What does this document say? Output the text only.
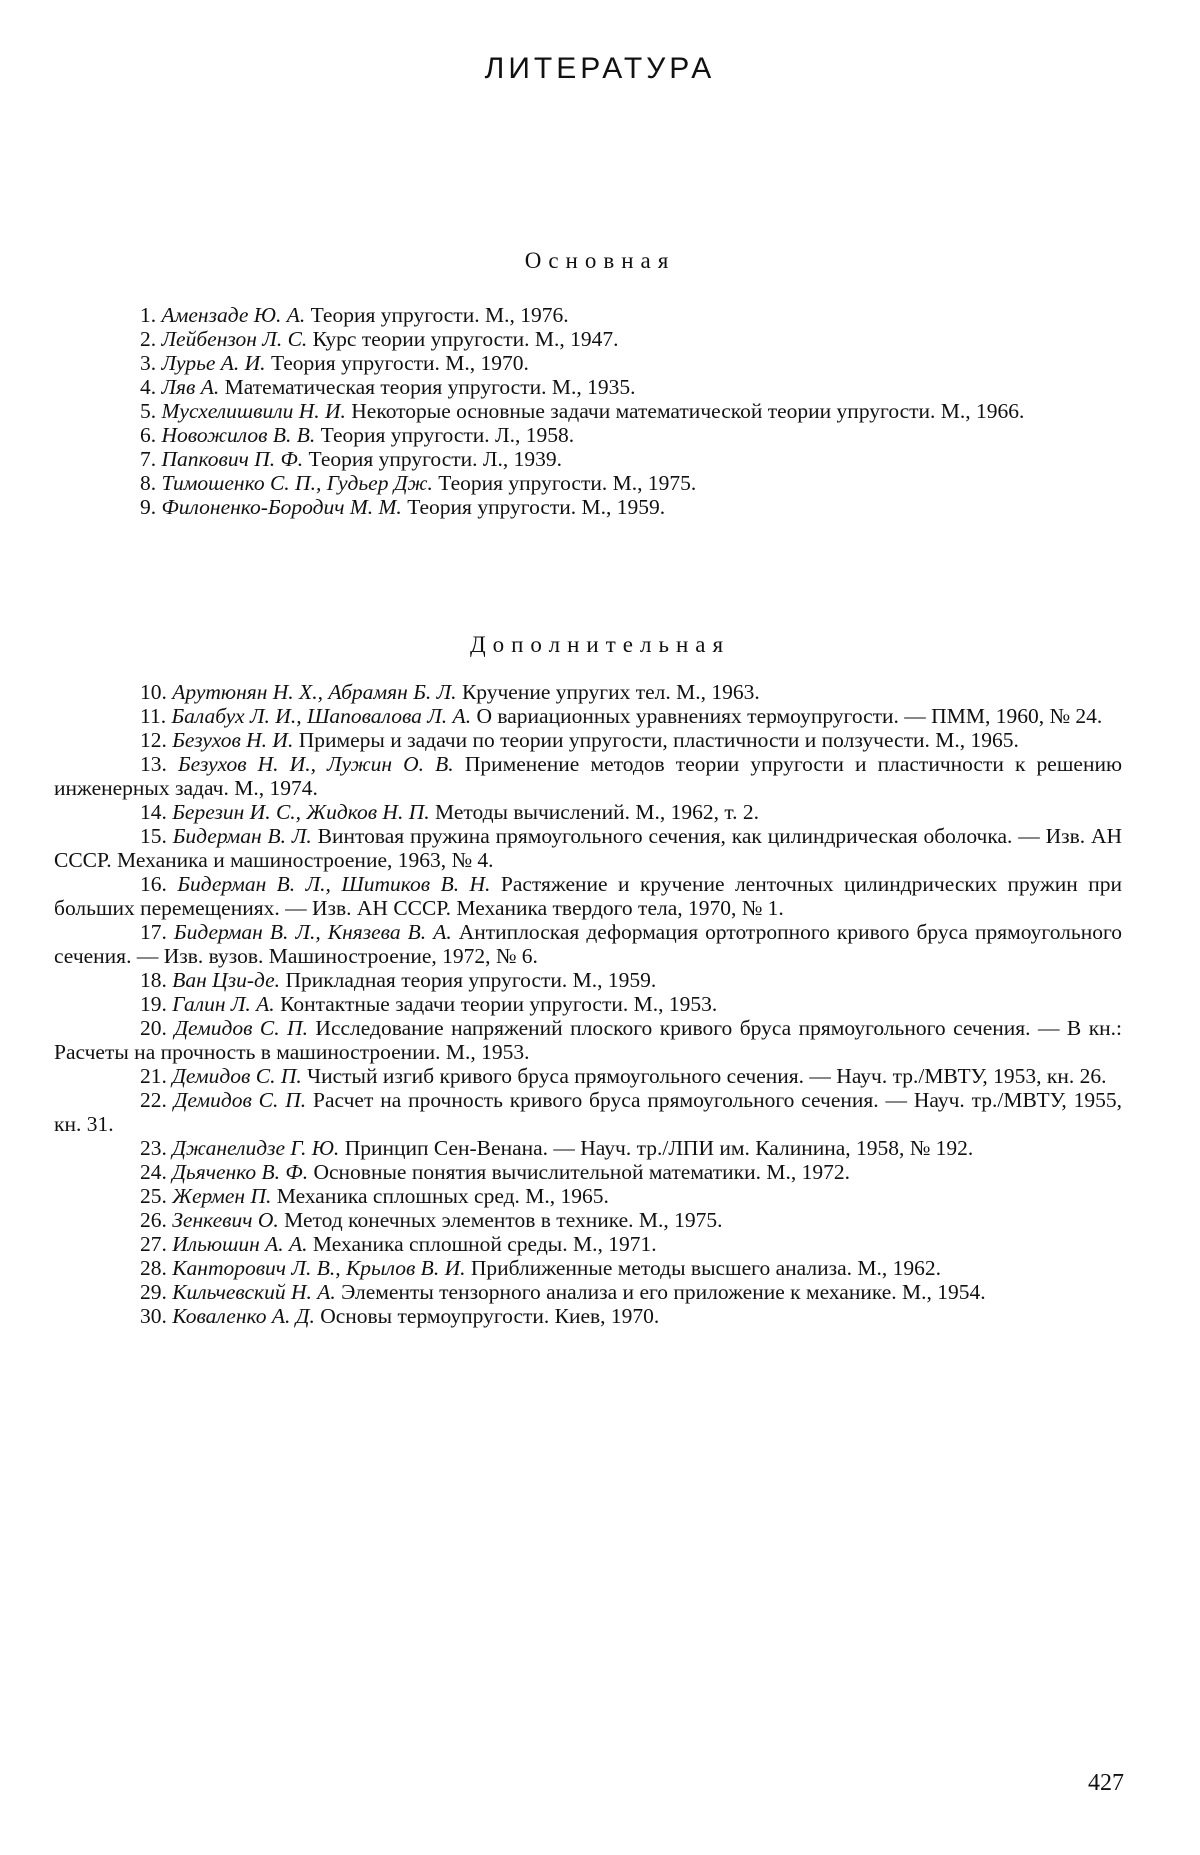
ЛИТЕРАТУРА
Основная
1. Амензаде Ю. А. Теория упругости. М., 1976.
2. Лейбензон Л. С. Курс теории упругости. М., 1947.
3. Лурье А. И. Теория упругости. М., 1970.
4. Ляв А. Математическая теория упругости. М., 1935.
5. Мусхелишвили Н. И. Некоторые основные задачи математической теории упругости. М., 1966.
6. Новожилов В. В. Теория упругости. Л., 1958.
7. Папкович П. Ф. Теория упругости. Л., 1939.
8. Тимошенко С. П., Гудьер Дж. Теория упругости. М., 1975.
9. Филоненко-Бородич М. М. Теория упругости. М., 1959.
Дополнительная
10. Арутюнян Н. Х., Абрамян Б. Л. Кручение упругих тел. М., 1963.
11. Балабух Л. И., Шаповалова Л. А. О вариационных уравнениях термоупругости. — ПММ, 1960, № 24.
12. Безухов Н. И. Примеры и задачи по теории упругости, пластичности и ползучести. М., 1965.
13. Безухов Н. И., Лужин О. В. Применение методов теории упругости и пластичности к решению инженерных задач. М., 1974.
14. Березин И. С., Жидков Н. П. Методы вычислений. М., 1962, т. 2.
15. Бидерман В. Л. Винтовая пружина прямоугольного сечения, как цилиндрическая оболочка. — Изв. АН СССР. Механика и машиностроение, 1963, № 4.
16. Бидерман В. Л., Шитиков В. Н. Растяжение и кручение ленточных цилиндрических пружин при больших перемещениях. — Изв. АН СССР. Механика твердого тела, 1970, № 1.
17. Бидерман В. Л., Князева В. А. Антиплоская деформация ортотропного кривого бруса прямоугольного сечения. — Изв. вузов. Машиностроение, 1972, № 6.
18. Ван Цзи-де. Прикладная теория упругости. М., 1959.
19. Галин Л. А. Контактные задачи теории упругости. М., 1953.
20. Демидов С. П. Исследование напряжений плоского кривого бруса прямоугольного сечения. — В кн.: Расчеты на прочность в машиностроении. М., 1953.
21. Демидов С. П. Чистый изгиб кривого бруса прямоугольного сечения. — Науч. тр./МВТУ, 1953, кн. 26.
22. Демидов С. П. Расчет на прочность кривого бруса прямоугольного сечения. — Науч. тр./МВТУ, 1955, кн. 31.
23. Джанелидзе Г. Ю. Принцип Сен-Венана. — Науч. тр./ЛПИ им. Калинина, 1958, № 192.
24. Дьяченко В. Ф. Основные понятия вычислительной математики. М., 1972.
25. Жермен П. Механика сплошных сред. М., 1965.
26. Зенкевич О. Метод конечных элементов в технике. М., 1975.
27. Ильюшин А. А. Механика сплошной среды. М., 1971.
28. Канторович Л. В., Крылов В. И. Приближенные методы высшего анализа. М., 1962.
29. Кильчевский Н. А. Элементы тензорного анализа и его приложение к механике. М., 1954.
30. Коваленко А. Д. Основы термоупругости. Киев, 1970.
427
